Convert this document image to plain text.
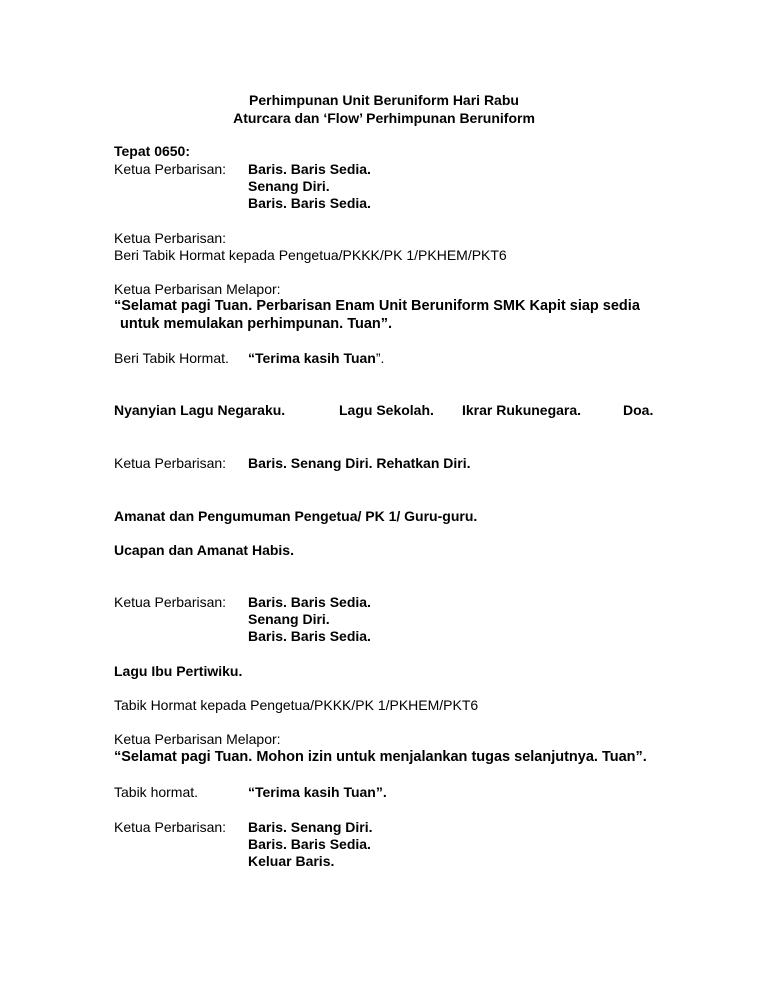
Perhimpunan Unit Beruniform Hari Rabu
Aturcara dan ‘Flow’ Perhimpunan Beruniform
Tepat 0650:
Ketua Perbarisan: Baris. Baris Sedia.
Senang Diri.
Baris. Baris Sedia.
Ketua Perbarisan:
Beri Tabik Hormat kepada Pengetua/PKKK/PK 1/PKHEM/PKT6
Ketua Perbarisan Melapor:
“Selamat pagi Tuan. Perbarisan Enam Unit Beruniform SMK Kapit siap sedia
untuk memulakan perhimpunan. Tuan”.
Beri Tabik Hormat. “Terima kasih Tuan”.
Nyanyian Lagu Negaraku.	Lagu Sekolah. Ikrar Rukunegara.	Doa.
Ketua Perbarisan: Baris. Senang Diri. Rehatkan Diri.
Amanat dan Pengumuman Pengetua/ PK 1/ Guru-guru.
Ucapan dan Amanat Habis.
Ketua Perbarisan: Baris. Baris Sedia.
Senang Diri.
Baris. Baris Sedia.
Lagu Ibu Pertiwiku.
Tabik Hormat kepada Pengetua/PKKK/PK 1/PKHEM/PKT6
Ketua Perbarisan Melapor:
“Selamat pagi Tuan. Mohon izin untuk menjalankan tugas selanjutnya. Tuan”.
Tabik hormat.	“Terima kasih Tuan”.
Ketua Perbarisan: Baris. Senang Diri.
Baris. Baris Sedia.
Keluar Baris.
